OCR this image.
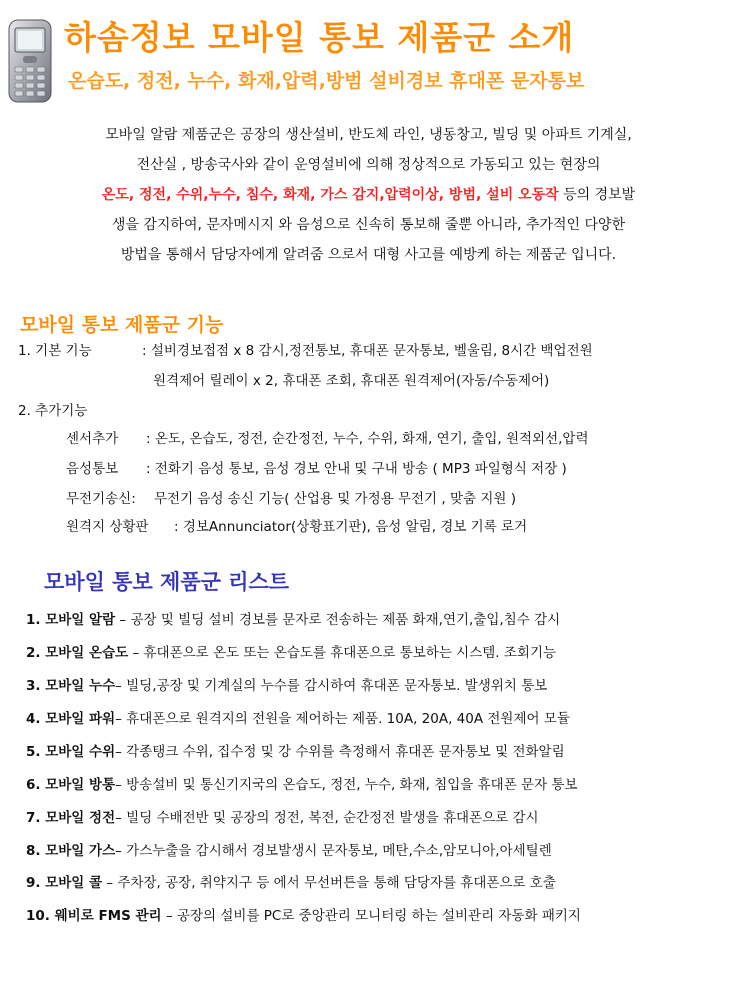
하솜정보 모바일 통보 제품군 소개
온습도, 정전, 누수, 화재,압력,방범 설비경보 휴대폰 문자통보
모바일 알람 제품군은 공장의 생산설비, 반도체 라인, 냉동창고, 빌딩 및 아파트 기계실,
전산실 , 방송국사와 같이 운영설비에 의해 정상적으로 가동되고 있는 현장의
온도, 정전, 수위,누수, 침수, 화재, 가스 감지,압력이상, 방범, 설비 오동작 등의 경보발
생을 감지하여, 문자메시지 와 음성으로 신속히 통보해 줄뿐 아니라, 추가적인 다양한
방법을 통해서 담당자에게 알려줌 으로서 대형 사고를 예방케 하는 제품군 입니다.
모바일 통보 제품군 기능
1. 기본 기능	: 설비경보접점 x 8 감시,정전통보, 휴대폰 문자통보, 벨울림, 8시간 백업전원
원격제어 릴레이 x 2, 휴대폰 조회, 휴대폰 원격제어(자동/수동제어)
2. 추가기능
센서추가 : 온도, 온습도, 정전, 순간정전, 누수, 수위, 화재, 연기, 출입, 원적외선,압력
음성통보 : 전화기 음성 통보, 음성 경보 안내 및 구내 방송 ( MP3 파일형식 저장 )
무전기송신: 무전기 음성 송신 기능( 산업용 및 가정용 무전기 , 맞춤 지원 )
원격지 상황판 : 경보Annunciator(상황표기판), 음성 알림, 경보 기록 로거
모바일 통보 제품군 리스트
1. 모바일 알람 – 공장 및 빌딩 설비 경보를 문자로 전송하는 제품 화재,연기,출입,침수 감시
2. 모바일 온습도 – 휴대폰으로 온도 또는 온습도를 휴대폰으로 통보하는 시스템. 조회기능
3. 모바일 누수– 빌딩,공장 및 기계실의 누수를 감시하여 휴대폰 문자통보. 발생위치 통보
4. 모바일 파워– 휴대폰으로 원격지의 전원을 제어하는 제품. 10A, 20A, 40A 전원제어 모듈
5. 모바일 수위– 각종탱크 수위, 집수정 및 강 수위를 측정해서 휴대폰 문자통보 및 전화알림
6. 모바일 방통– 방송설비 및 통신기지국의 온습도, 정전, 누수, 화재, 침입을 휴대폰 문자 통보
7. 모바일 정전– 빌딩 수배전반 및 공장의 정전, 복전, 순간정전 발생을 휴대폰으로 감시
8. 모바일 가스– 가스누출을 감시해서 경보발생시 문자통보, 메탄,수소,암모니아,아세틸렌
9. 모바일 콜 – 주차장, 공장, 취약지구 등 에서 무선버튼을 통해 담당자를 휴대폰으로 호출
10. 웨비로 FMS 관리 – 공장의 설비를 PC로 중앙관리 모니터링 하는 설비관리 자동화 패키지
